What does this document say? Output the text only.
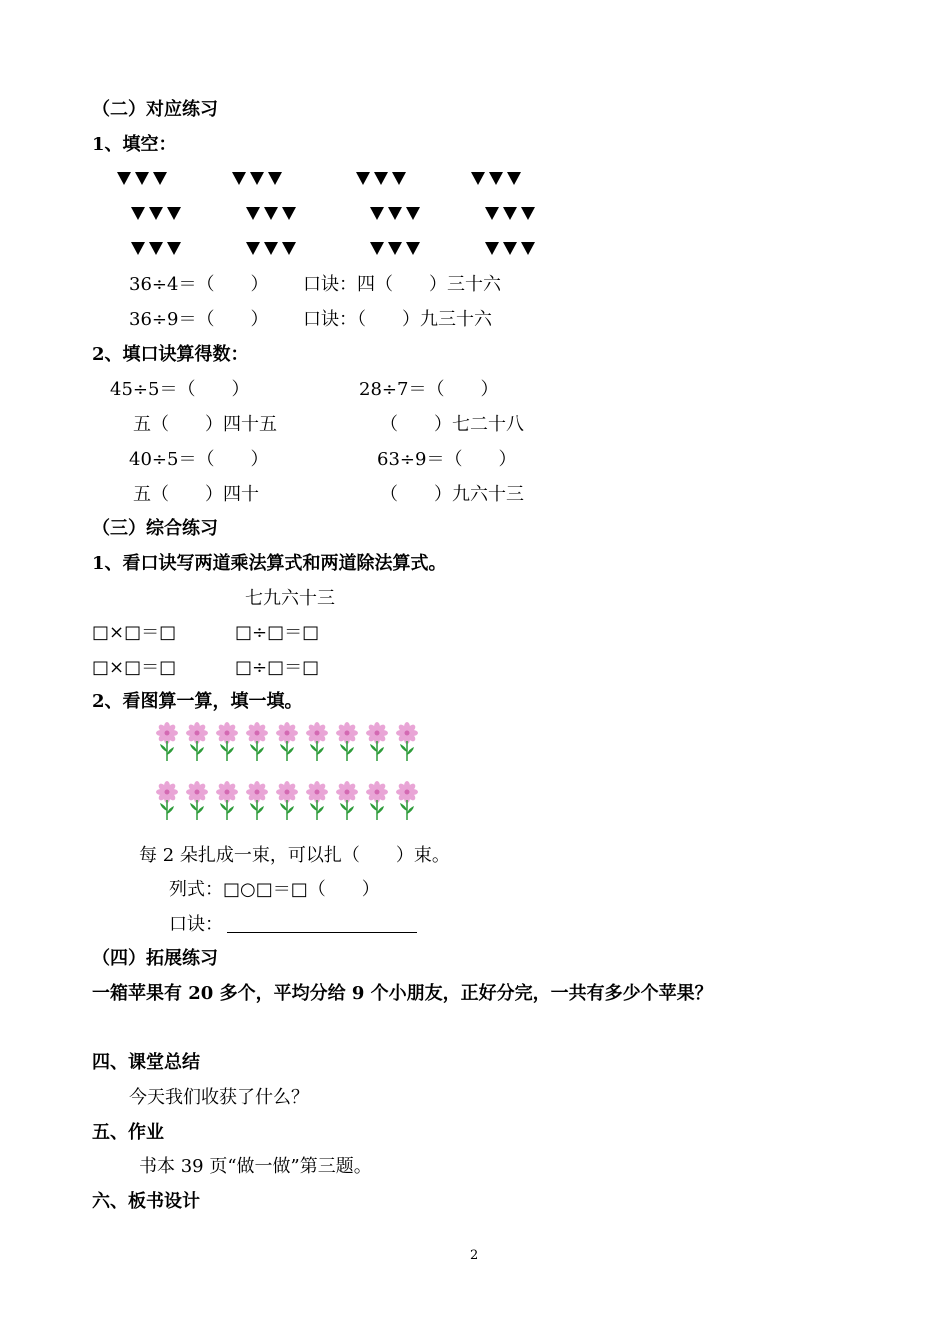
（二）对应练习
1、填空：
36÷4＝（　　） 口诀：四（　　）三十六
36÷9＝（　　） 口诀：（　　）九三十六
2、填口诀算得数：
45÷5＝（　　）	28÷7＝（　　）
五（　　）四十五	（　　）七二十八
40÷5＝（　　）	63÷9＝（　　）
五（　　）四十	（　　）九六十三
（三）综合练习
1、看口诀写两道乘法算式和两道除法算式。
七九六十三
□×□＝□	□÷□＝□
□×□＝□	□÷□＝□
2、看图算一算，填一填。
每 2 朵扎成一束，可以扎（　　）束。
列式：□○□＝□（　　）
口诀：
（四）拓展练习
一箱苹果有 20 多个，平均分给 9 个小朋友，正好分完，一共有多少个苹果？
四、课堂总结
今天我们收获了什么？
五、作业
书本 39 页“做一做”第三题。
六、板书设计
2
